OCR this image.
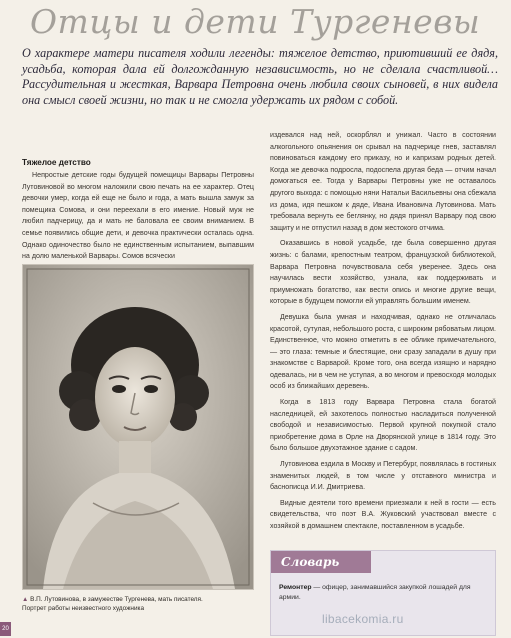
Отцы и дети Тургеневы
О характере матери писателя ходили легенды: тяжелое детство, приютивший ее дядя, усадьба, которая дала ей долгожданную независимость, но не сделала счастливой… Рассудительная и жесткая, Варвара Петровна очень любила своих сыновей, в них видела она смысл своей жизни, но так и не смогла удержать их рядом с собой.
Тяжелое детство

Непростые детские годы будущей помещицы Варвары Петровны Лутовиновой во многом наложили свою печать на ее характер. Отец девочки умер, когда ей еще не было и года, а мать вышла замуж за помещика Сомова, и они переехали в его имение. Новый муж не любил падчерицу, да и мать не баловала ее своим вниманием. В семье появились общие дети, и девочка практически осталась одна. Однако одиночество было не единственным испытанием, выпавшим на долю маленькой Варвары. Сомов всячески

▲ В.П. Лутовинова, в замужестве Тургенева, мать писателя.
Портрет работы неизвестного художника

издевался над ней, оскорблял и унижал. Часто в состоянии алкогольного опьянения он срывал на падчерице гнев, заставлял повиноваться каждому его приказу, но и капризам родных детей. Когда же девочка подросла, подоспела другая беда — отчим начал домогаться ее. Тогда у Варвары Петровны уже не оставалось другого выхода: с помощью няни Натальи Васильевны она сбежала из дома, идя пешком к дяде, Ивана Ивановича Лутовинова. Мать требовала вернуть ее беглянку, но дядя принял Варвару под свою защиту и не отпустил назад в дом жестокого отчима.

Оказавшись в новой усадьбе, где была совершенно другая жизнь: с балами, крепостным театром, французской библиотекой, Варвара Петровна почувствовала себя уверенее. Здесь она научилась вести хозяйство, узнала, как поддерживать и приумножать богатство, как вести опись и многие другие вещи, которые в будущем помогли ей управлять большим именем.

Девушка была умная и находчивая, однако не отличалась красотой, сутулая, небольшого роста, с широким рябоватым лицом. Единственное, что можно отметить в ее облике примечательного, — это глаза: темные и блестящие, они сразу западали в душу при знакомстве с Варварой. Кроме того, она всегда изящно и нарядно одевалась, ни в чем не уступая, а во многом и превосходя молодых особ из ближайших деревень.

Когда в 1813 году Варвара Петровна стала богатой наследницей, ей захотелось полностью насладиться полученной свободой и независимостью. Первой крупной покупкой стало приобретение дома в Орле на Дворянской улице в 1814 году. Это было большое двухэтажное здание с садом.

Лутовинова ездила в Москву и Петербург, появлялась в гостиных знаменитых людей, в том числе у отставного министра и баснописца И.И. Дмитриева.

Видные деятели того времени приезжали к ней в гости — есть свидетельства, что поэт В.А. Жуковский участвовал вместе с хозяйкой в домашнем спектакле, поставленном в усадьбе.

Словарь
Ремонтер — офицер, занимавшийся закупкой лошадей для армии.
20
libacekomia.ru
